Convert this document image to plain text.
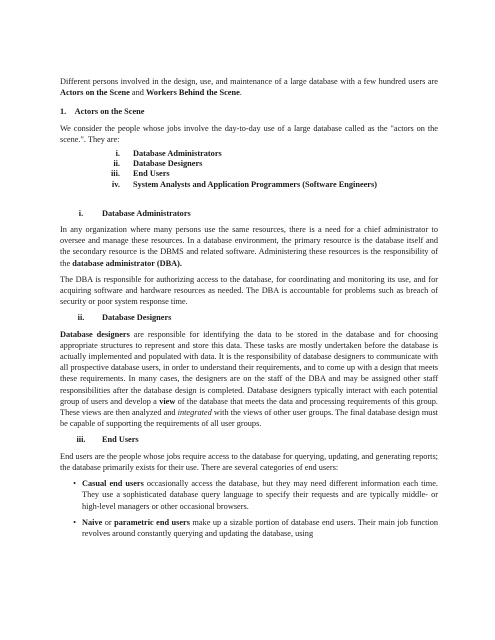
Different persons involved in the design, use, and maintenance of a large database with a few hundred users are Actors on the Scene and Workers Behind the Scene.

1. Actors on the Scene

We consider the people whose jobs involve the day-to-day use of a large database called as the "actors on the scene.". They are:

i.	Database Administrators
ii.	Database Designers
iii.	End Users
iv.	System Analysts and Application Programmers (Software Engineers)
i.	Database Administrators

In any organization where many persons use the same resources, there is a need for a chief administrator to oversee and manage these resources. In a database environment, the primary resource is the database itself and the secondary resource is the DBMS and related software. Administering these resources is the responsibility of the database administrator (DBA).

The DBA is responsible for authorizing access to the database, for coordinating and monitoring its use, and for acquiring software and hardware resources as needed. The DBA is accountable for problems such as breach of security or poor system response time.

ii.	Database Designers

Database designers are responsible for identifying the data to be stored in the database and for choosing appropriate structures to represent and store this data. These tasks are mostly undertaken before the database is actually implemented and populated with data. It is the responsibility of database designers to communicate with all prospective database users, in order to understand their requirements, and to come up with a design that meets these requirements. In many cases, the designers are on the staff of the DBA and may be assigned other staff responsibilities after the database design is completed. Database designers typically interact with each potential group of users and develop a view of the database that meets the data and processing requirements of this group. These views are then analyzed and integrated with the views of other user groups. The final database design must be capable of supporting the requirements of all user groups.

iii.	End Users

End users are the people whose jobs require access to the database for querying, updating, and generating reports; the database primarily exists for their use. There are several categories of end users:

• Casual end users occasionally access the database, but they may need different information each time. They use a sophisticated database query language to specify their requests and are typically middle- or high-level managers or other occasional browsers.
• Naive or parametric end users make up a sizable portion of database end users. Their main job function revolves around constantly querying and updating the database, using
